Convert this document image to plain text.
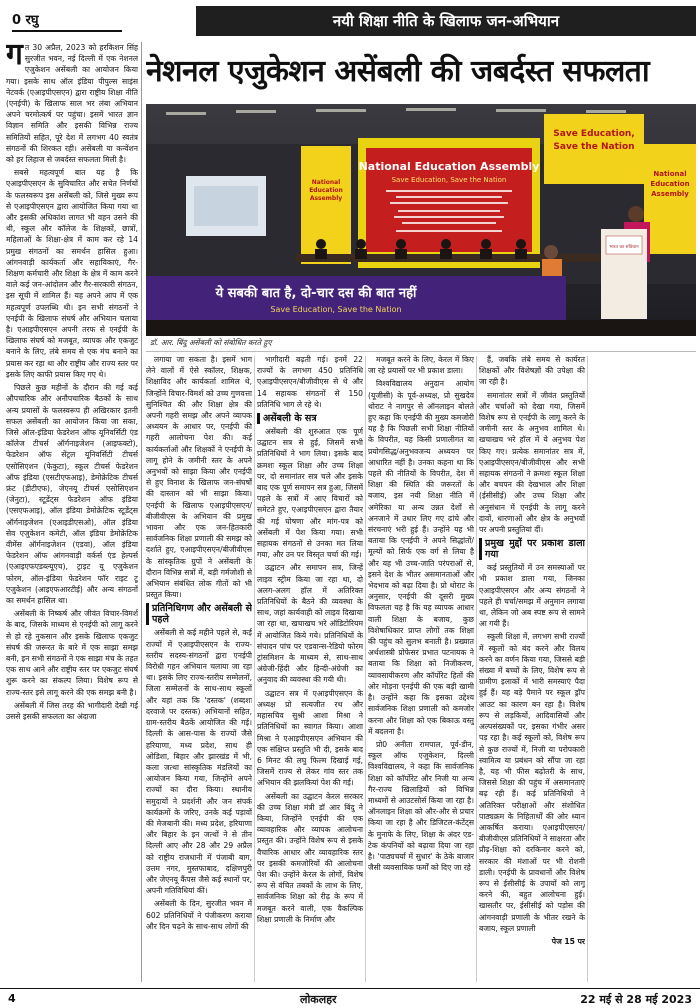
0 रघु	नयी शिक्षा नीति के खिलाफ जन-अभियान

गत 30 अप्रैल, 2023 को हरकिशन सिंह सुरजीत भवन, नई दिल्ली में एक नेशनल एजुकेशन असेंबली का आयोजन किया गया। इसके साथ ऑल इंडिया पीपुल्स साइंस नेटवर्क (एआइपीएसएन) द्वारा राष्ट्रीय शिक्षा नीति (एनईपी) के खिलाफ साल भर लंबा अभियान अपने चरमोत्कर्ष पर पहुंचा। इसमें भारत ज्ञान विज्ञान समिति और इसकी विभिन्न राज्य समितियों सहित, पूरे देश में लगभग 40 स्वतंत्र संगठनों की शिरकत रही। असेंबली या कन्वेंशन को हर लिहाज से जबर्दस्त सफलता मिली है।

सबसे महत्वपूर्ण बात यह है कि एआइपीएसएन के सुविचारित और सचेत निर्णयों के फलस्वरूप इस असेंबली को, जिसे मुख्य रूप से एआइपीएसएन द्वारा आयोजित किया गया था और इसकी अधिकांश लागत भी वहन उसने की थी, स्कूल और कॉलेज के शिक्षकों, छात्रों, महिलाओं के शिक्षा-क्षेत्र में काम कर रहे 14 प्रमुख संगठनों का समर्थन हासिल हुआ। आंगनवाड़ी कार्यकर्ता और सहायिकाएं, गैर-शिक्षण कर्मचारी और शिक्षा के क्षेत्र में काम करने वाले कई जन-आंदोलन और गैर-सरकारी संगठन, इस सूची में शामिल हैं। यह अपने आप में एक महत्वपूर्ण उपलब्धि थी। इन सभी संगठनों ने एनईपी के खिलाफ संघर्ष और अभियान चलाया है। एआइपीएसएन अपनी तरफ से एनईपी के खिलाफ संघर्ष को मजबूत, व्यापक और एकजुट बनाने के लिए, लंबे समय से एक मंच बनाने का प्रयास कर रहा था और राष्ट्रीय और राज्य स्तर पर इसके लिए काफी प्रयास किए गए थे।

पिछले कुछ महीनों के दौरान की गई कई औपचारिक और अनौपचारिक बैठकों के साथ अन्य प्रयासों के फलस्वरूप ही अखिरकार इतनी सफल असेंबली का आयोजन किया जा सका, जिसे ऑल-इंडिया फेडरेशन ऑफ यूनिवर्सिटी एंड कॉलेज टीचर्स ऑर्गनाइजेशन (आइफक्टो), फेडरेशन ऑफ सेंट्रल यूनिवर्सिटी टीचर्स एसोसिएशन (फेकुटा), स्कूल टीचर्स फेडरेशन ऑफ इंडिया (एसटीएफआइ), डेमोक्रेटिक टीचर्स फ्रंट (डीटीएफ), जेएनयू टीचर्स एसोसिएशन (जेनुटा), स्टूडेंट्स फेडरेशन ऑफ इंडिया (एसएफआइ), ऑल इंडिया डेमोक्रेटिक स्टूडेंट्स ऑर्गनाइजेशन (एआइडीएसओ), ऑल इंडिया सेव एजुकेशन कमेटी, ऑल इंडिया डेमोक्रेटिक वीमेंस ऑर्गनाइजेशन (एडवा), ऑल इंडिया फेडरेशन ऑफ आंगनवाड़ी वर्कर्स एंड हेल्पर्स (एआइएफएडब्ल्यूएच), ट्राइट यू एजुकेशन फोरम, ऑल-इंडिया फेडरेशन फॉर राइट टू एजुकेशन (आइएफआरटीई) और अन्य संगठनों का समर्थन हासिल था।

असेंबली के निष्कर्ष और जीवंत विचार-विमर्श के बाद, जिसके माध्यम से एनईपी को लागू करने से हो रहे नुकसान और इसके खिलाफ एकजुट संघर्ष की जरूरत के बारे में एक साझा समझ बनी, इन सभी संगठनों ने एक साझा मंच के तहत एक साथ आने और राष्ट्रीय स्तर पर एकजुट संघर्ष शुरू करने का संकल्प लिया। विशेष रूप से राज्य-स्तर इसे लागू करने की एक समझ बनी है।

असेंबली में जिस तरह की भागीदारी देखी गई उससे इसकी सफलता का अंदाजा

नेशनल एजुकेशन असेंबली की जबर्दस्त सफलता
National
Education
Assembly
National Education Assembly
Save Education, Save the Nation
Save Education,
Save the Nation
National
Education
Assembly
भारत का संविधान
ये सबकी बात है, दो-चार दस की बात नहीं
Save Education, Save the Nation
डॉ. आर. बिंदु असेंबली को संबोधित करते हुए

लगाया जा सकता है। इसमें भाग लेने वालों में ऐसे स्कॉलर, शिक्षक, शिक्षाविद और कार्यकर्ता शामिल थे, जिन्होंने विचार-विमर्श को उच्च गुणवत्ता सुनिश्चित की और शिक्षा क्षेत्र की अपनी गहरी समझ और अपने व्यापक अध्ययन के आधार पर, एनईपी की गहरी आलोचना पेश की। कई कार्यकर्ताओं और शिक्षकों ने एनईपी के लागू होने के जमीनी स्तर के अपने अनुभवों को साझा किया और एनईपी से हुए विनाश के खिलाफ जन-संघर्षों की दास्तान को भी साझा किया। एनईपी के खिलाफ एआइपीएसएन/बीजीवीएस के अभियान की प्रमुख भावना और एक जन-हितकारी सार्वजनिक शिक्षा प्रणाली की समझ को दर्शाते हुए, एआइपीएसएन/बीजीवीएस के सांस्कृतिक ग्रुपों ने असेंबली के दौरान विभिन्न सत्रों में, बड़ी गर्मजोशी से अभियान संबंधित लोक गीतों को भी प्रस्तुत किया।

प्रतिनिधिगण और असेंबली से पहले

असेंबली से कई महीने पहले से, कई राज्यों में एआइपीएसएन के राज्य-स्तरीय सदस्य-संगठनों द्वारा एनईपी विरोधी गहन अभियान चलाया जा रहा था। इसके लिए राज्य-स्तरीय सम्मेलनों, जिला सम्मेलनों के साथ-साथ स्कूलों और यहां तक कि 'दस्तक' (शब्दशः दरवाजे पर दस्तक) अभियानों सहित, ग्राम-स्तरीय बैठकें आयोजित की गई। दिल्ली के आस-पास के राज्यों जैसे हरियाणा, मध्य प्रदेश, साथ ही ओडिशा, बिहार और झारखंड में भी, कला जत्था सांस्कृतिक मंडलियों का आयोजन किया गया, जिन्होंने अपने राज्यों का दौरा किया। स्थानीय समुदायों ने प्रदर्शनी और जन संपर्क कार्यक्रमों के जरिए, उनके कई पड़ावों की मेजबानी की। मध्य प्रदेश, हरियाणा और बिहार के इन जत्थों ने से तीन दिल्ली आए और 28 और 29 अप्रैल को राष्ट्रीय राजधानी में पंजाबी बाग, उत्तम नगर, मुस्तफाबाद, दक्षिणपुरी और जेएनयू कैंपस जैसे कई स्थानों पर, अपनी गतिविधियां कीं।

असेंबली के दिन, सुरजीत भवन में 602 प्रतिनिधियों ने पंजीकरण कराया और दिन चढ़ने के साथ-साथ लोगों की

भागीदारी बढ़ती गई। इनमें 22 राज्यों के लगभग 450 प्रतिनिधि एआइपीएसएन/बीजीवीएस से थे और 14 सहायक संगठनों से 150 प्रतिनिधि भाग ले रहे थे।

असेंबली के सत्र

असेंबली की शुरुआत एक पूर्ण उद्घाटन सत्र से हुई, जिसमें सभी प्रतिनिधियों ने भाग लिया। इसके बाद क्रमशः स्कूल शिक्षा और उच्च शिक्षा पर, दो समानांतर सत्र चले और इसके बाद एक पूर्ण समापन सत्र हुआ, जिसमें पहले के सत्रों में आए विचारों को समेटते हुए, एआइपीएसएन द्वारा तैयार की गई घोषणा और मांग-पत्र को असेंबली में पेश किया गया। सभी सहायक संगठनों से उनका मत लिया गया, और उन पर विस्तृत चर्चा की गई।

उद्घाटन और समापन सत्र, जिन्हें लाइव स्ट्रीम किया जा रहा था, दो अलग-अलग हॉल में अतिरिक्त प्रतिनिधियों के बैठने की व्यवस्था के साथ, जहां कार्यवाही को लाइव दिखाया जा रहा था, खचाखच भरे ऑडिटोरियम में आयोजित किये गये। प्रतिनिधियों के संपादन पांच पर एडवान्स-रेडियो फोरम ट्रांसमिशन के माध्यम से, साथ-साथ अंग्रेजी-हिंदी और हिन्दी-अंग्रेजी का अनुवाद की व्यवस्था की गयी थी।

उद्घाटन सत्र में एआइपीएसएन के अध्यक्ष प्रो सत्यजीत रथ और महासचिव सुश्री आशा मिश्रा ने प्रतिनिधियों का स्वागत किया। आशा मिश्रा ने एआइपीएसएन अभियान की एक संक्षिप्त प्रस्तुति भी दी, इसके बाद 6 मिनट की लघु फिल्म दिखाई गई, जिसमें राज्य से लेकर गांव स्तर तक अभियान की झलकियां पेश की गई।

असेंबली का उद्घाटन केरल सरकार की उच्च शिक्षा मंत्री डॉ आर बिंदु ने किया, जिन्होंने एनईपी की एक व्यावहारिक और व्यापक आलोचना प्रस्तुत की। उन्होंने विशेष रूप से इसके वैचारिक आधार और व्यावहारिक स्तर पर इसकी कमजोरियों की आलोचना पेश की। उन्होंने केरल के लोगों, विशेष रूप से वंचित तबकों के लाभ के लिए, सार्वजनिक शिक्षा को रीढ़ के रूप में मजबूत करने वाली, एक वैकल्पिक शिक्षा प्रणाली के निर्माण और

मजबूत करने के लिए, केरल में किए जा रहे प्रयासों पर भी प्रकाश डाला।

विश्वविद्यालय अनुदान आयोग (यूजीसी) के पूर्व-अध्यक्ष, प्रो सुखदेव थोराट ने नागपुर से ऑनलाइन बोलते हुए कहा कि एनईपी की मुख्य कमजोरी यह है कि पिछली सभी शिक्षा नीतियों के विपरीत, यह किसी प्रणालीगत या प्रयोगसिद्ध/अनुभवजन्य अध्ययन पर आधारित नहीं है। उनका कहना था कि पहले की नीतियों के विपरीत, देश में शिक्षा की स्थिति की जरूरतों के बजाय, इस नयी शिक्षा नीति में अमेरिका या अन्य उन्नत देशों से अनजाने में उधार लिए गए ढांचे और संरचनाएं भरी हुई हैं। उन्होंने यह भी बताया कि एनईपी ने अपने सिद्धांतों/मूल्यों को सिर्फ एक वर्ग से लिया है और यह भी उच्च-जाति परंपराओं से, इसने देश के भीतर असमानताओं और भेदभाव को बढ़ा दिया है। प्रो थोराट के अनुसार, एनईपी की दूसरी मुख्य विफलता यह है कि यह व्यापक आधार वाली शिक्षा के बजाय, कुछ विशेषाधिकार प्राप्त लोगों तक शिक्षा की पहुंच को सुलभ बनाती है। प्रख्यात अर्थशास्त्री प्रोफेसर प्रभात पटनायक ने बताया कि शिक्षा को निजीकरण, व्यावसायीकरण और कॉर्पोरेट हितों की ओर मोड़ना एनईपी की एक बड़ी खामी है। उन्होंने कहा कि इसका उद्देश्य सार्वजनिक शिक्षा प्रणाली को कमजोर करना और शिक्षा को एक बिकाऊ वस्तु में बदलना है।

प्रो0 अनीता रामपाल, पूर्व-डीन, स्कूल ऑफ एजुकेशन, दिल्ली विश्वविद्यालय, ने कहा कि सार्वजनिक शिक्षा को कॉर्पोरेट और निजी या अन्य गैर-राज्य खिलाड़ियों को विभिन्न माध्यमों से आउटसोर्स किया जा रहा है। ऑनलाइन शिक्षा को और-और से प्रचार किया जा रहा है और डिजिटल-कंटेंट्स के मुनाफे के लिए, शिक्षा के अंदर एड-टेक कंपनियों को बढ़ावा दिया जा रहा है। 'पाठ्यचर्या में सुधार' के ठेके बाजार जैसी व्यवसायिक फर्मों को दिए जा रहे

हैं, जबकि लंबे समय से कार्यरत शिक्षकों और विशेषज्ञों की उपेक्षा की जा रही है।

समानांतर सत्रों में जीवंत प्रस्तुतियों और चर्चाओं को देखा गया, जिसमें विशेष रूप से एनईपी के लागू करने के जमीनी स्तर के अनुभव शामिल थे। खचाखच भरे हॉल में ये अनुभव पेश किए गए। प्रत्येक समानांतर सत्र में, एआइपीएसएन/बीजीवीएस और सभी सहायक संगठनों ने क्रमशः स्कूल शिक्षा और बचपन की देखभाल और शिक्षा (ईसीसीई) और उच्च शिक्षा और अनुसंधान में एनईपी के लागू करने दावों, धारणाओं और क्षेत्र के अनुभवों पर अपनी प्रस्तुतियां दीं।

प्रमुख मुद्दों पर प्रकाश डाला गया

कई प्रस्तुतियों में उन समस्याओं पर भी प्रकाश डाला गया, जिनका एआइपीएसएन और अन्य संगठनों ने पहले ही चर्चा/समझ में अनुमान लगाया था, लेकिन जो अब स्पष्ट रूप से सामने आ गयी हैं।

स्कूली शिक्षा में, लगभग सभी राज्यों में स्कूलों को बंद करने और विलय करने का वर्णन किया गया, जिससे बड़ी संख्या में बच्चों के लिए, विशेष रूप से ग्रामीण इलाकों में भारी समस्याएं पैदा हुई हैं। यह बड़े पैमाने पर स्कूल ड्रॉप आउट का कारण बन रहा है। विशेष रूप से लड़कियों, आदिवासियों और अल्पसंख्यकों पर, इसका गंभीर असर पड़ रहा है। कई स्कूलों को, विशेष रूप से कुछ राज्यों में, निजी या परोपकारी स्वामित्व या प्रबंधन को सौंपा जा रहा है, यह भी फीस बढ़ोतरी के साथ, जिससे शिक्षा की पहुंच में असमानताएं बढ़ रही हैं। कई प्रतिनिधियों ने अतिरिक्त परीक्षाओं और संशोधित पाठ्यक्रम के निहितार्थों की ओर ध्यान आकर्षित कराया। एआइपीएसएन/बीजीवीएस प्रतिनिधियों ने साक्षरता और प्रौढ़-शिक्षा को दरकिनार करने को, सरकार की मंशाओं पर भी रोशनी डाली। एनईपी के प्रावधानों और विशेष रूप से ईसीसीई के उपायों को लागू करने की, बहुत आलोचना हुई। खासतौर पर, ईसीसीई को पड़ोस की आंगनवाड़ी प्रणाली के भीतर रखने के बजाय, स्कूल प्रणाली

पेज 15 पर

4	लोकलहर	22 मई से 28 मई 2023
